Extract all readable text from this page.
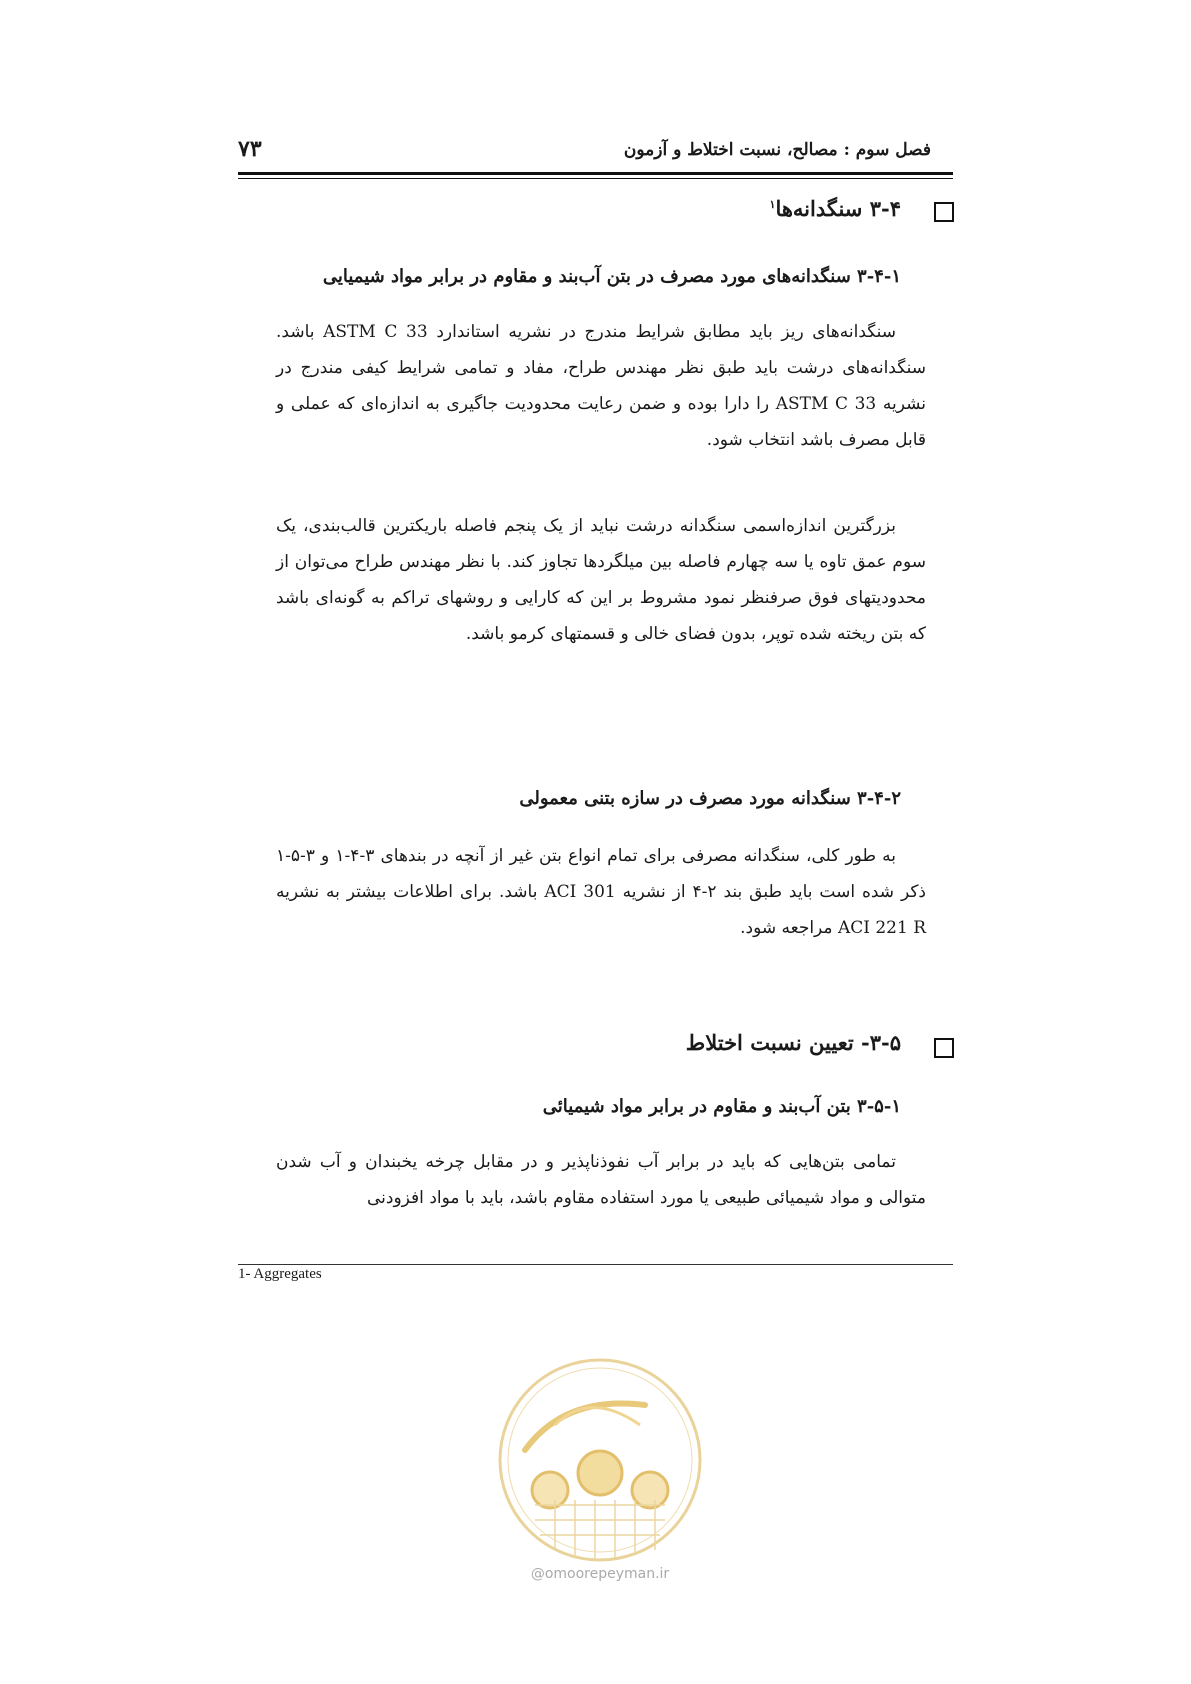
۷۳	فصل سوم : مصالح، نسبت اختلاط و آزمون
۳-۴ سنگدانه‌ها$^۱$
۳-۴-۱ سنگدانه‌های مورد مصرف در بتن آب‌بند و مقاوم در برابر مواد شیمیایی

سنگدانه‌های ریز باید مطابق شرایط مندرج در نشریه استاندارد ASTM C 33 باشد. سنگدانه‌های درشت باید طبق نظر مهندس طراح، مفاد و تمامی شرایط کیفی مندرج در نشریه ASTM C 33 را دارا بوده و ضمن رعایت محدودیت جاگیری به اندازه‌ای که عملی و قابل مصرف باشد انتخاب شود.

بزرگترین اندازه‌اسمی سنگدانه درشت نباید از یک پنجم فاصله باریکترین قالب‌بندی، یک سوم عمق تاوه یا سه چهارم فاصله بین میلگردها تجاوز کند. با نظر مهندس طراح می‌توان از محدودیتهای فوق صرفنظر نمود مشروط بر این که کارایی و روشهای تراکم به گونه‌ای باشد که بتن ریخته شده توپر، بدون فضای خالی و قسمتهای کرمو باشد.

۳-۴-۲ سنگدانه مورد مصرف در سازه بتنی معمولی

به طور کلی، سنگدانه مصرفی برای تمام انواع بتن غیر از آنچه در بندهای ۳-۴-۱ و ۳-۵-۱ ذکر شده است باید طبق بند ۲-۴ از نشریه ACI 301 باشد. برای اطلاعات بیشتر به نشریه ACI 221 R مراجعه شود.

۳-۵- تعیین نسبت اختلاط
۳-۵-۱ بتن آب‌بند و مقاوم در برابر مواد شیمیائی

تمامی بتن‌هایی که باید در برابر آب نفوذناپذیر و در مقابل چرخه یخبندان و آب شدن متوالی و مواد شیمیائی طبیعی یا مورد استفاده مقاوم باشد، باید با مواد افزودنی

1- Aggregates
@omoorepeyman.ir
